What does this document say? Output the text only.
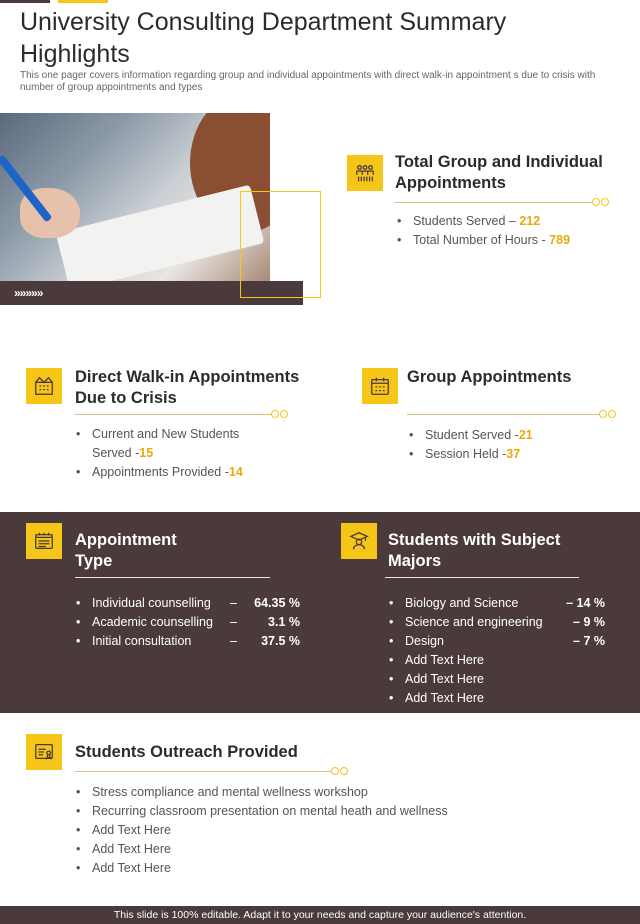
University Consulting Department Summary Highlights

This one pager covers information regarding group and individual appointments with direct walk-in appointment s due to crisis with number of group appointments and types

»»»»»
Total Group and Individual Appointments
• Students Served – 212
• Total Number of Hours - 789
Direct Walk-in Appointments Due to Crisis
• Current and New Students Served -15
• Appointments Provided -14
Group Appointments
• Student Served -21
• Session Held -37
Appointment Type
• Individual counselling	–	64.35 %
• Academic counselling	–	3.1 %
• Initial consultation	–	37.5 %
Students with Subject Majors
• Biology and Science	– 14 %
• Science and engineering	– 9 %
• Design	– 7 %
• Add Text Here
• Add Text Here
• Add Text Here
Students Outreach Provided
• Stress compliance and mental wellness workshop
• Recurring classroom presentation on mental heath and wellness
• Add Text Here
• Add Text Here
• Add Text Here
This slide is 100% editable. Adapt it to your needs and capture your audience's attention.
